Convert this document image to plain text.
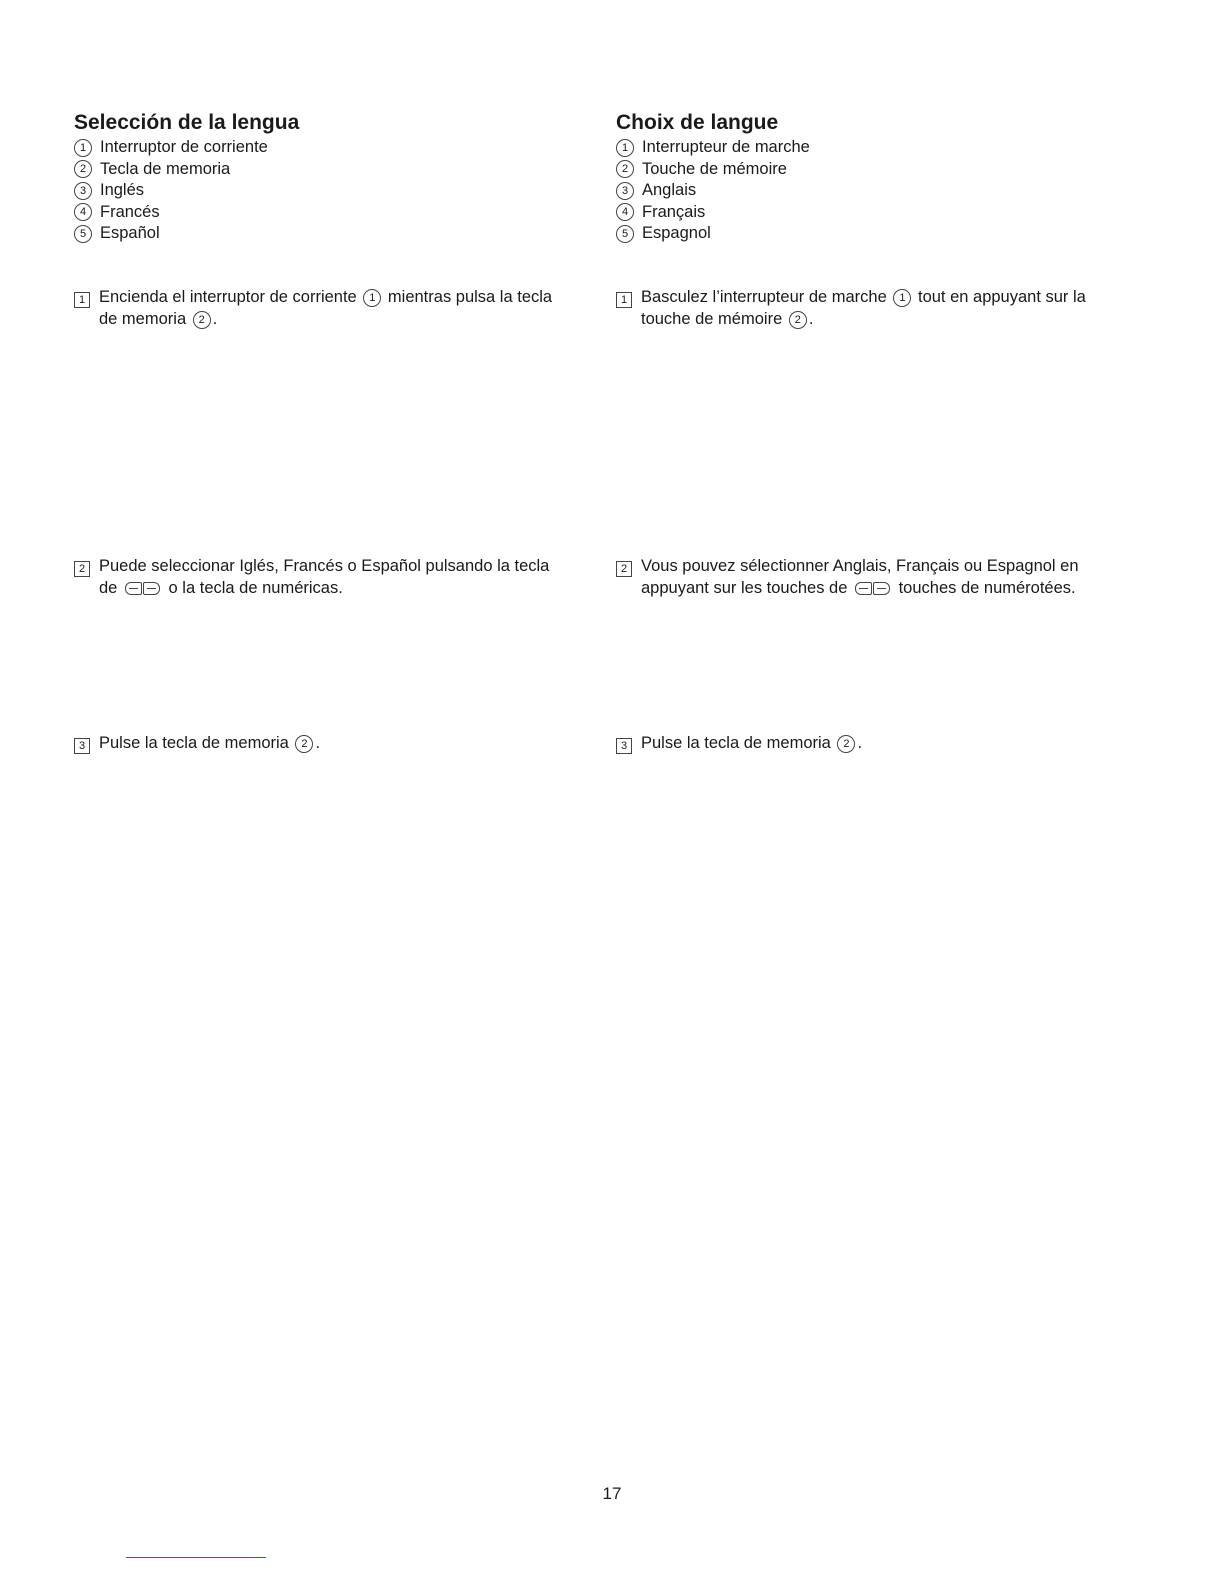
Selección de la lengua
1 Interruptor de corriente
2 Tecla de memoria
3 Inglés
4 Francés
5 Español
1 Encienda el interruptor de corriente 1 mientras pulsa la tecla
de memoria 2 .
2 Puede seleccionar Iglés, Francés o Español pulsando la tecla
de	o la tecla de numéricas.
3 Pulse la tecla de memoria 2 .
Choix de langue
1 Interrupteur de marche
2 Touche de mémoire
3 Anglais
4 Français
5 Espagnol
1 Basculez l’interrupteur de marche 1 tout en appuyant sur la
touche de mémoire 2 .
2 Vous pouvez sélectionner Anglais, Français ou Espagnol en
appuyant sur les touches de	touches de numérotées.
3 Pulse la tecla de memoria 2 .
17
